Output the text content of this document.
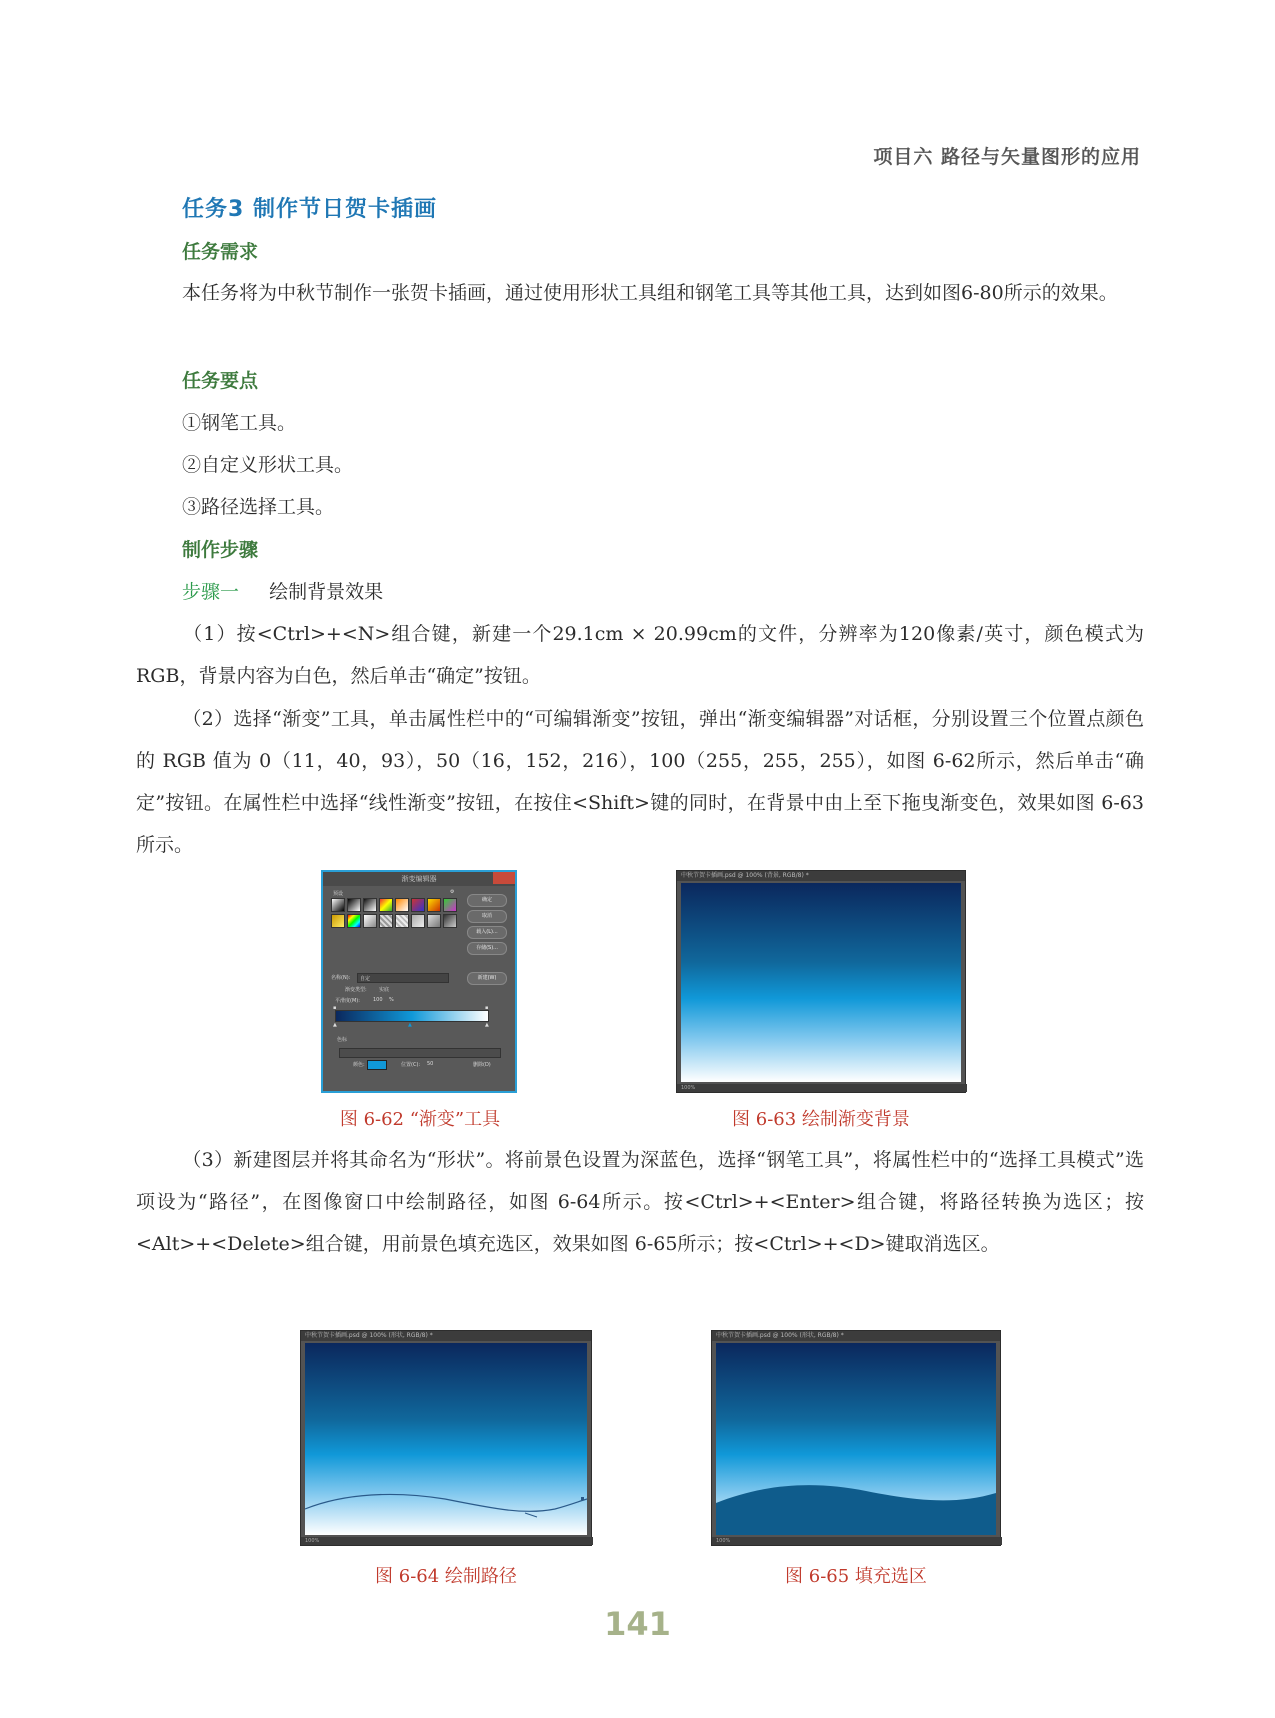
项目六 路径与矢量图形的应用
任务3 制作节日贺卡插画
任务需求
本任务将为中秋节制作一张贺卡插画，通过使用形状工具组和钢笔工具等其他工具，达到如图6-80所示的效果。
任务要点
①钢笔工具。
②自定义形状工具。
③路径选择工具。
制作步骤
步骤一 绘制背景效果
（1）按<Ctrl>+<N>组合键，新建一个29.1cm × 20.99cm的文件，分辨率为120像素/英寸，颜色模式为RGB，背景内容为白色，然后单击“确定”按钮。
（2）选择“渐变”工具，单击属性栏中的“可编辑渐变”按钮，弹出“渐变编辑器”对话框，分别设置三个位置点颜色的 RGB 值为 0（11，40，93），50（16，152，216），100（255，255，255），如图 6-62所示，然后单击“确定”按钮。在属性栏中选择“线性渐变”按钮，在按住<Shift>键的同时，在背景中由上至下拖曳渐变色，效果如图 6-63所示。
渐变编辑器
预设	⚙
确定
取消
载入(L)...
存储(S)...
名称(N): 自定	新建(W)
渐变类型: 实底
平滑度(M):	100 %
▪	▪
▲	▲	▲
色标
颜色:	位置(C): 50	删除(D)
图 6-62 “渐变”工具
中秋节贺卡插画.psd @ 100% (背景, RGB/8) *
100%
图 6-63 绘制渐变背景
（3）新建图层并将其命名为“形状”。将前景色设置为深蓝色，选择“钢笔工具”，将属性栏中的“选择工具模式”选项设为“路径”，在图像窗口中绘制路径，如图 6-64所示。按<Ctrl>+<Enter>组合键，将路径转换为选区；按<Alt>+<Delete>组合键，用前景色填充选区，效果如图 6-65所示；按<Ctrl>+<D>键取消选区。
中秋节贺卡插画.psd @ 100% (形状, RGB/8) *
100%
图 6-64 绘制路径
中秋节贺卡插画.psd @ 100% (形状, RGB/8) *
100%
图 6-65 填充选区
141
